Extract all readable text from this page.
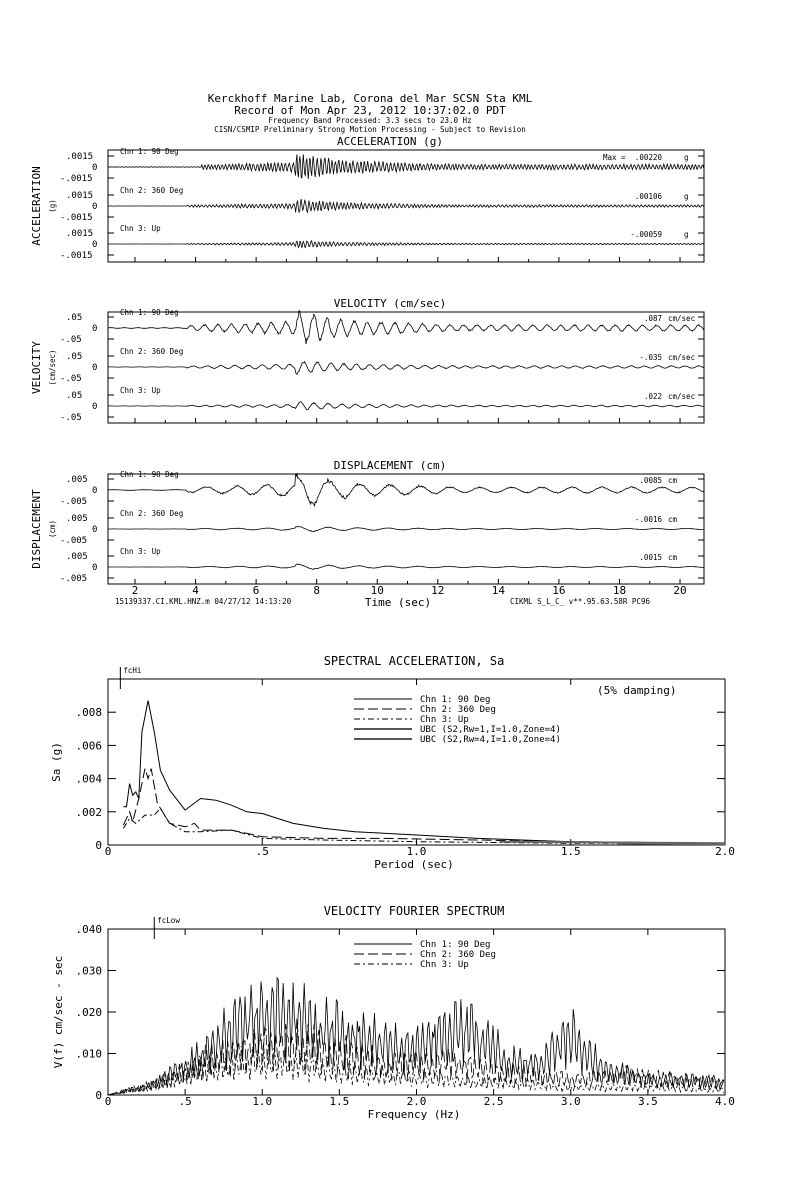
Kerckhoff Marine Lab, Corona del Mar SCSN Sta KML
Record of Mon Apr 23, 2012 10:37:02.0 PDT
Frequency Band Processed: 3.3 secs to 23.0 Hz
CISN/CSMIP Preliminary Strong Motion Processing - Subject to Revision
15139337.CI.KML.HNZ.m 04/27/12 14:13:20	CIKML S_L_C_ v**.95.63.58R PC96
ACCELERATION (g)
ACCELERATION (g)
.0015
0
-.0015
Chn 1: 90 Deg
Max = .00220	g
.0015
0
-.0015
Chn 2: 360 Deg
.00106	g
.0015
0
-.0015
Chn 3: Up
-.00059	g
VELOCITY (cm/sec)
VELOCITY (cm/sec)
.05
0
-.05
Chn 1: 90 Deg
.087 cm/sec
.05
0
-.05
Chn 2: 360 Deg
-.035 cm/sec
.05
0
-.05
Chn 3: Up
.022 cm/sec
DISPLACEMENT (cm)
DISPLACEMENT (cm)
.005
0
-.005
Chn 1: 90 Deg
.0085 cm
.005
0
-.005
Chn 2: 360 Deg
-.0016 cm
.005
0
-.005
Chn 3: Up
.0015 cm
2	4	6	8	10	12	14	16	18	20
Time (sec)
SPECTRAL ACCELERATION, Sa
Period (sec)
Sa (g)
0	.5	1.0	1.5	2.0
0
.002
.004
.006
.008
fcHi
(5% damping)
Chn 1: 90 Deg
Chn 2: 360 Deg
Chn 3: Up
UBC (S2,Rw=1,I=1.0,Zone=4)
UBC (S2,Rw=4,I=1.0,Zone=4)
VELOCITY FOURIER SPECTRUM
Frequency (Hz)
V(f) cm/sec - sec
0	.5	1.0	1.5	2.0	2.5	3.0	3.5	4.0
0
.010
.020
.030
.040
fcLow
Chn 1: 90 Deg
Chn 2: 360 Deg
Chn 3: Up
